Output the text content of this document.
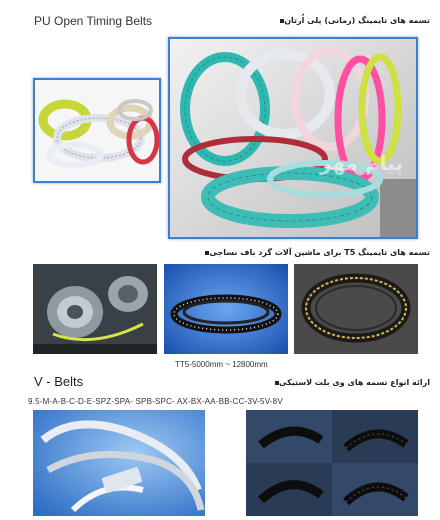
PU Open Timing Belts	تسمه های تایمینگ (زمانی) پلی اُرتان
پیام مهر
تسمه های تایمینگ T5 برای ماشین آلات گرد باف نساجی
TT5-5000mm ~ 12800mm
V - Belts	ارائه انواع تسمه های وی بلت لاستیکی
9.5-M-A-B-C-D-E-SPZ-SPA- SPB-SPC- AX-BX-AA-BB-CC-3V-5V-8V
